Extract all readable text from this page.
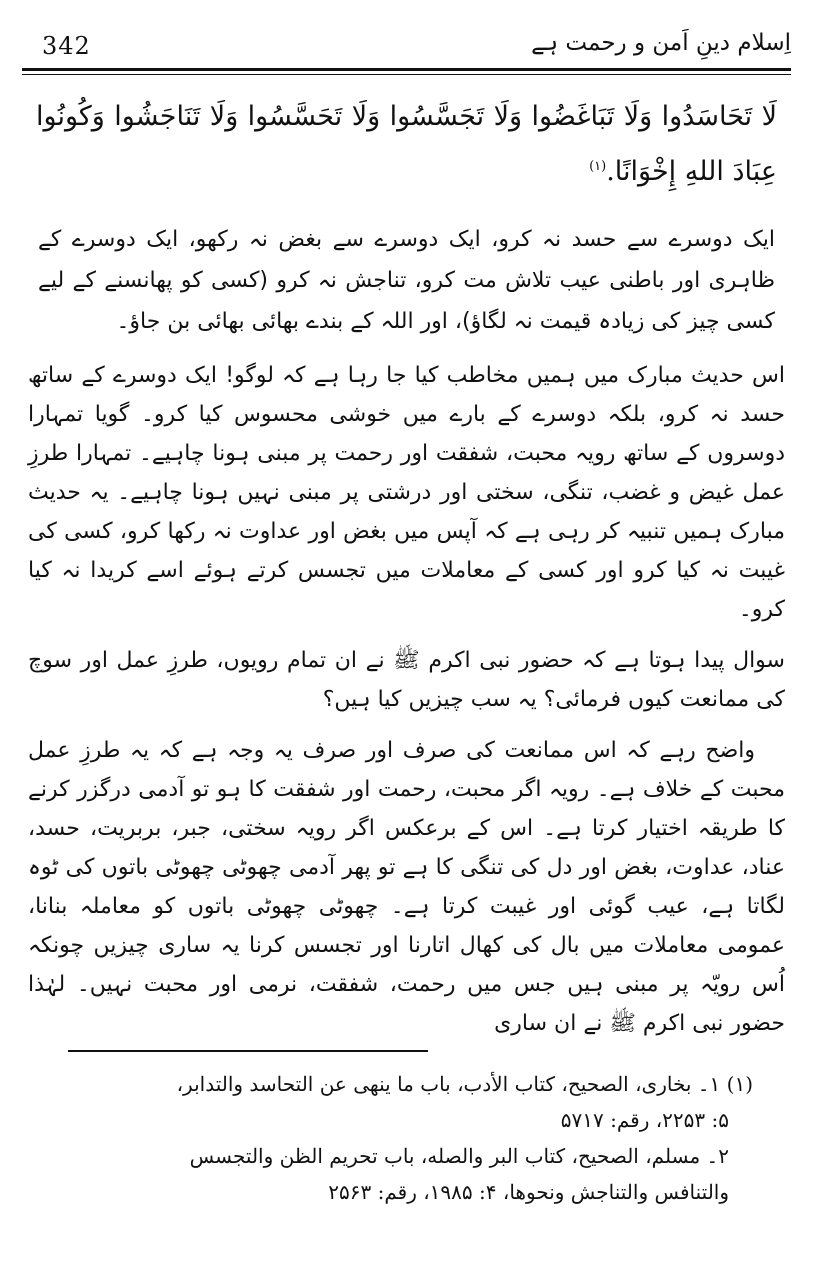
342	اِسلام دینِ اَمن و رحمت ہے

لَا تَحَاسَدُوا وَلَا تَبَاغَضُوا وَلَا تَجَسَّسُوا وَلَا تَحَسَّسُوا وَلَا تَنَاجَشُوا وَكُونُوا عِبَادَ اللهِ إِخْوَانًا.$^{(۱)}$

ایک دوسرے سے حسد نہ کرو، ایک دوسرے سے بغض نہ رکھو، ایک دوسرے کے ظاہری اور باطنی عیب تلاش مت کرو، تناجش نہ کرو (کسی کو پھانسنے کے لیے کسی چیز کی زیادہ قیمت نہ لگاؤ)، اور اللہ کے بندے بھائی بھائی بن جاؤ۔

اس حدیث مبارک میں ہمیں مخاطب کیا جا رہا ہے کہ لوگو! ایک دوسرے کے ساتھ حسد نہ کرو، بلکہ دوسرے کے بارے میں خوشی محسوس کیا کرو۔ گویا تمہارا دوسروں کے ساتھ رویہ محبت، شفقت اور رحمت پر مبنی ہونا چاہیے۔ تمہارا طرزِ عمل غیض و غضب، تنگی، سختی اور درشتی پر مبنی نہیں ہونا چاہیے۔ یہ حدیث مبارک ہمیں تنبیہ کر رہی ہے کہ آپس میں بغض اور عداوت نہ رکھا کرو، کسی کی غیبت نہ کیا کرو اور کسی کے معاملات میں تجسس کرتے ہوئے اسے کریدا نہ کیا کرو۔

سوال پیدا ہوتا ہے کہ حضور نبی اکرم ﷺ نے ان تمام رویوں، طرزِ عمل اور سوچ کی ممانعت کیوں فرمائی؟ یہ سب چیزیں کیا ہیں؟

واضح رہے کہ اس ممانعت کی صرف اور صرف یہ وجہ ہے کہ یہ طرزِ عمل محبت کے خلاف ہے۔ رویہ اگر محبت، رحمت اور شفقت کا ہو تو آدمی درگزر کرنے کا طریقہ اختیار کرتا ہے۔ اس کے برعکس اگر رویہ سختی، جبر، بربریت، حسد، عناد، عداوت، بغض اور دل کی تنگی کا ہے تو پھر آدمی چھوٹی چھوٹی باتوں کی ٹوہ لگاتا ہے، عیب گوئی اور غیبت کرتا ہے۔ چھوٹی چھوٹی باتوں کو معاملہ بنانا، عمومی معاملات میں بال کی کھال اتارنا اور تجسس کرنا یہ ساری چیزیں چونکہ اُس رویّہ پر مبنی ہیں جس میں رحمت، شفقت، نرمی اور محبت نہیں۔ لہٰذا حضور نبی اکرم ﷺ نے ان ساری

(۱) ۱۔ بخاری، الصحیح، کتاب الأدب، باب ما ینهی عن التحاسد والتدابر،

۵: ۲۲۵۳، رقم: ۵۷۱۷

۲۔ مسلم، الصحیح، کتاب البر والصله، باب تحریم الظن والتجسس

والتنافس والتناجش ونحوها، ۴: ۱۹۸۵، رقم: ۲۵۶۳
